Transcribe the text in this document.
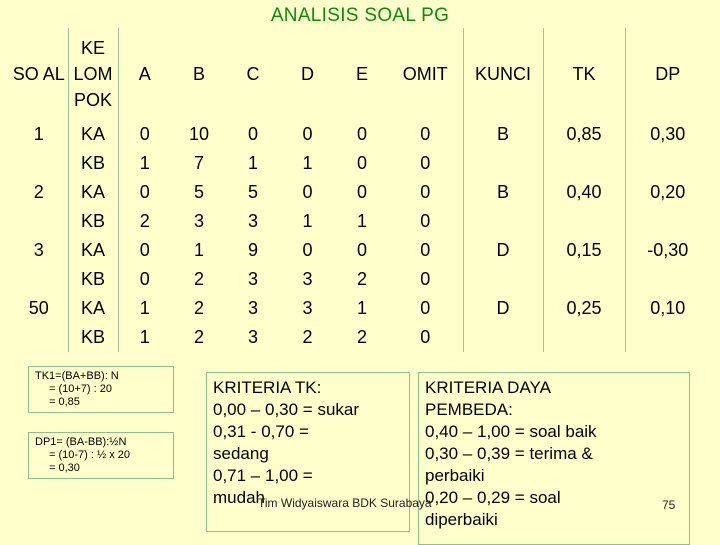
ANALISIS SOAL PG
SO AL	KE LOM POK	A	B	C	D	E	OMIT	KUNCI	TK	DP
1	KA	0	10	0	0	0	0	B	0,85	0,30
	KB	1	7	1	1	0	0			
2	KA	0	5	5	0	0	0	B	0,40	0,20
	KB	2	3	3	1	1	0			
3	KA	0	1	9	0	0	0	D	0,15	-0,30
	KB	0	2	3	3	2	0			
50	KA	1	2	3	3	1	0	D	0,25	0,10
	KB	1	2	3	2	2	0			
TK1=(BA+BB): N
= (10+7) : 20
= 0,85
DP1= (BA-BB):½N
= (10-7) : ½ x 20
= 0,30
KRITERIA TK:
0,00 – 0,30 = sukar
0,31 - 0,70 =
sedang
0,71 – 1,00 =
mudah
KRITERIA DAYA
PEMBEDA:
0,40 – 1,00 = soal baik
0,30 – 0,39 = terima &
perbaiki
0,20 – 0,29 = soal
diperbaiki
Tim Widyaiswara BDK Surabaya	75
